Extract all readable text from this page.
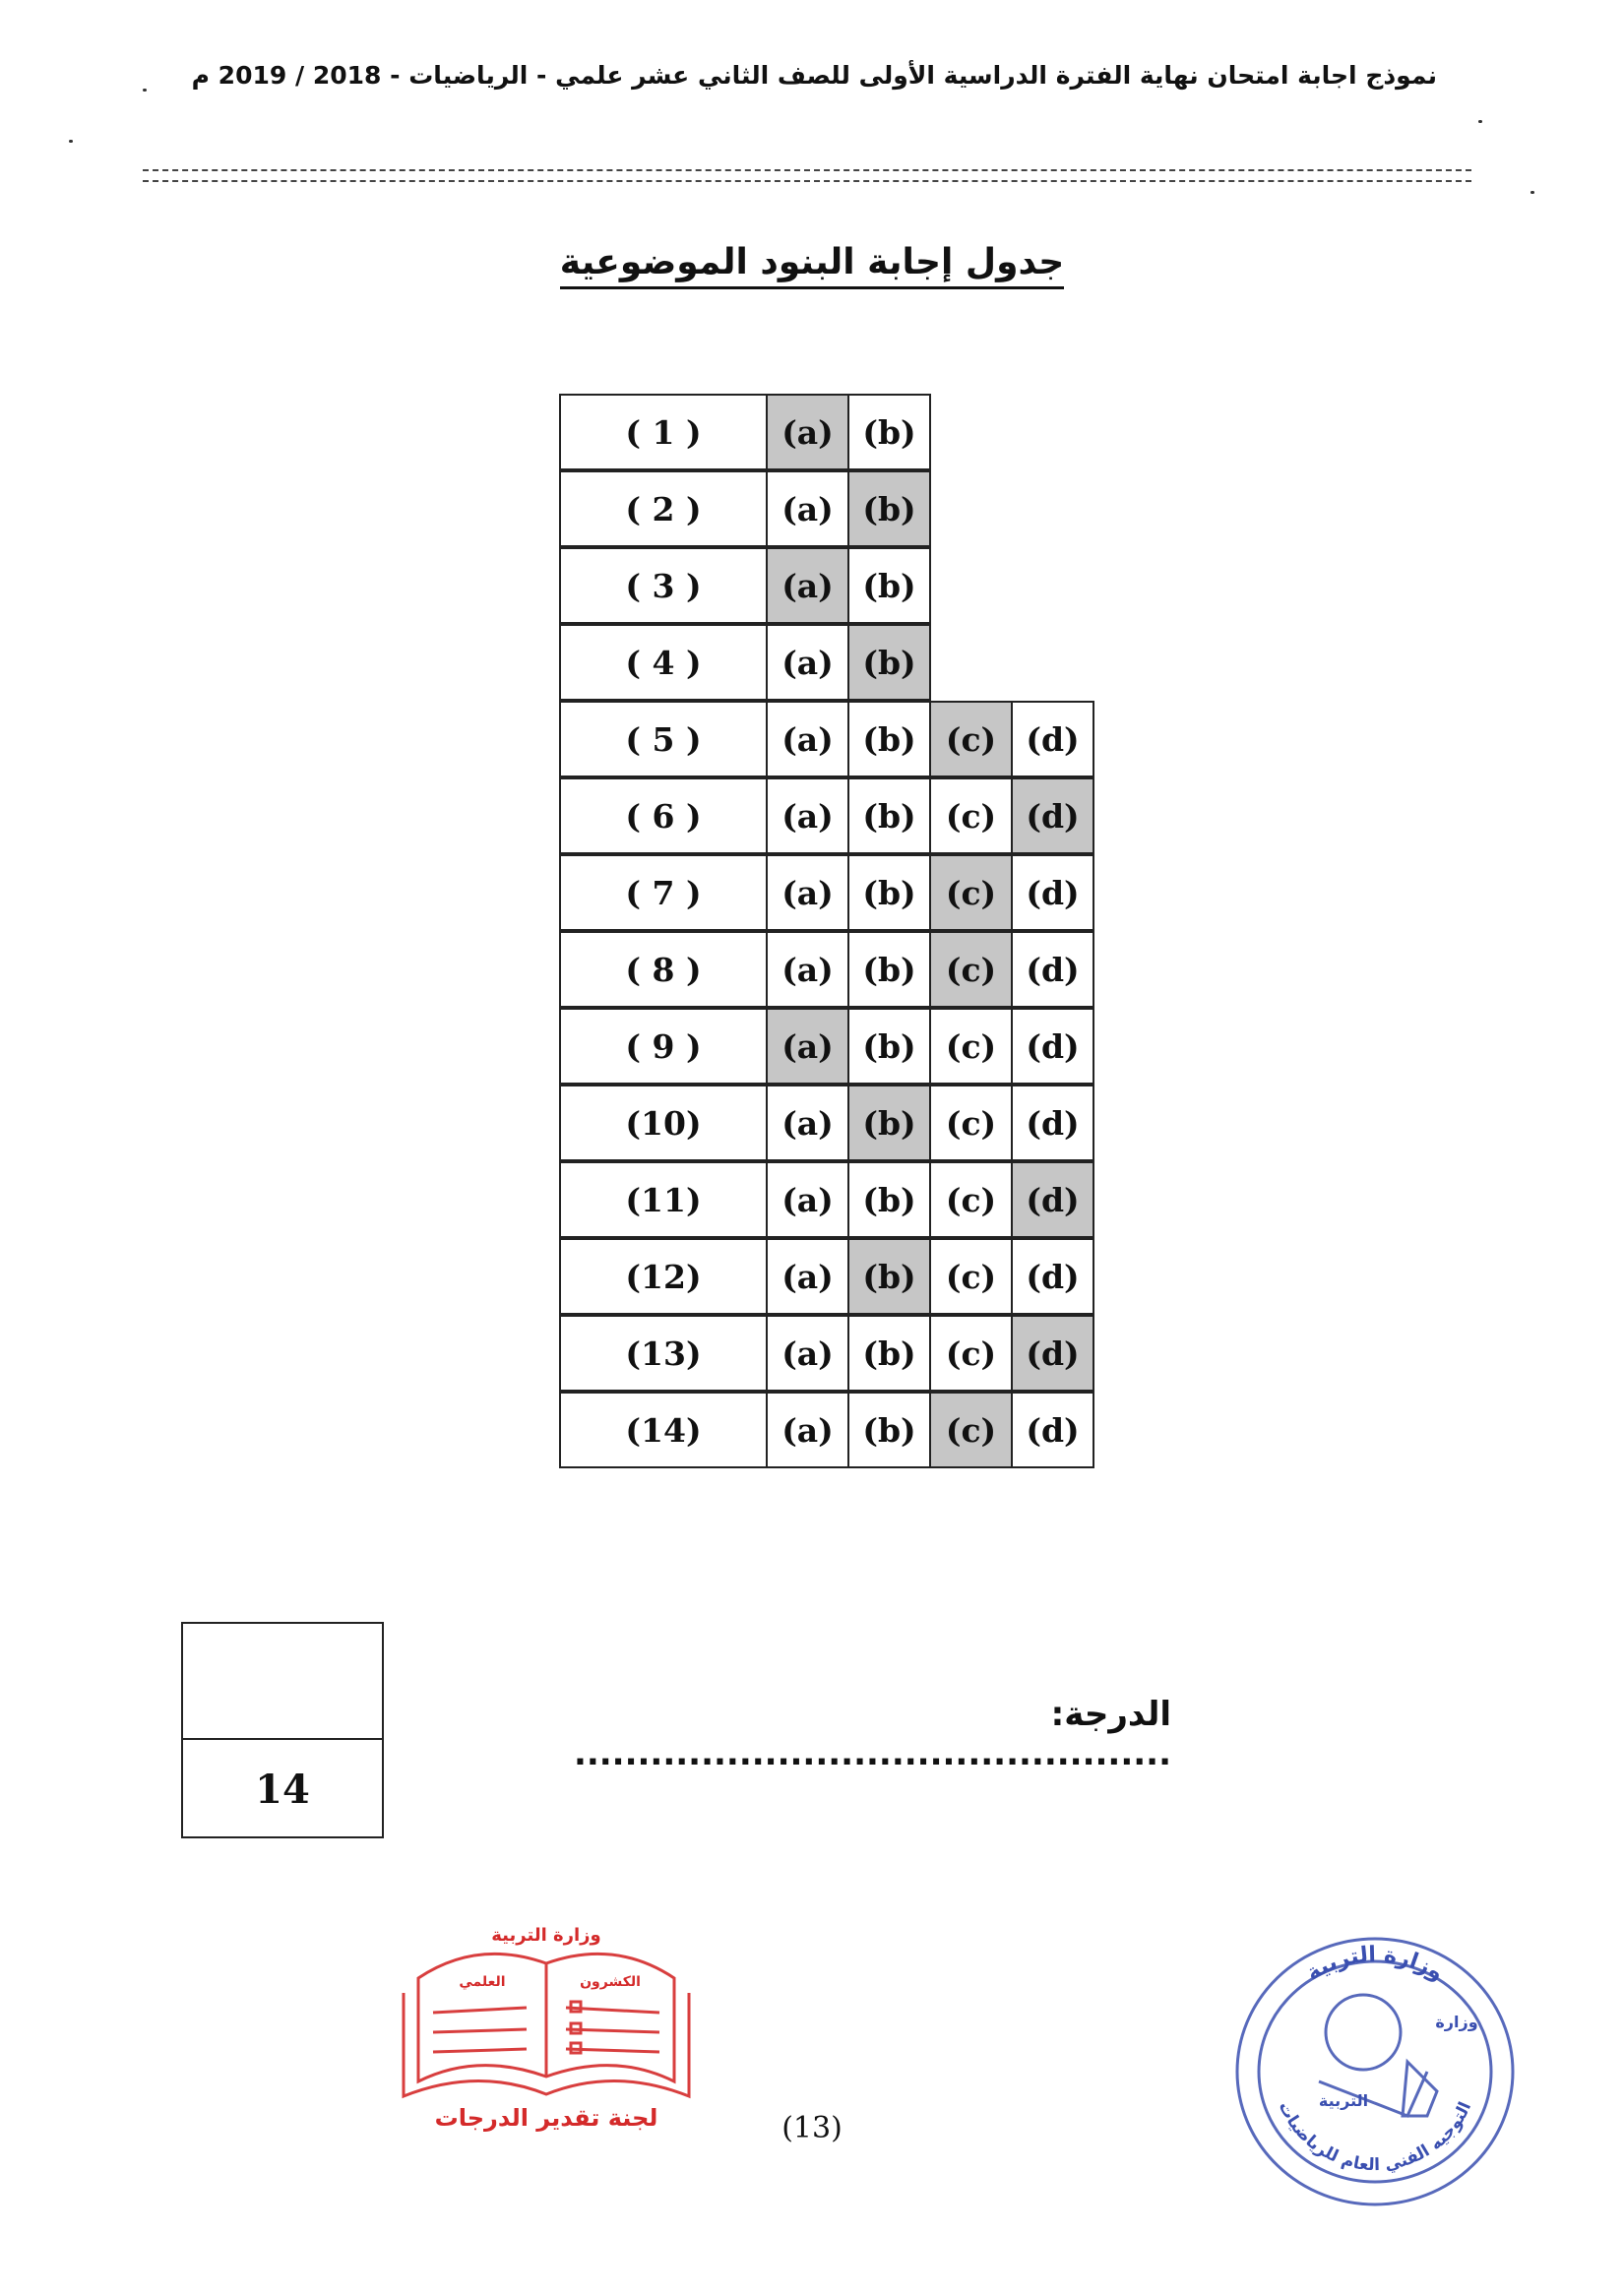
نموذج اجابة امتحان نهاية الفترة الدراسية الأولى للصف الثاني عشر علمي - الرياضيات - 2018 / 2019 م
جدول إجابة البنود الموضوعية
( 1 )	(a) (b)
( 2 )	(a) (b)
( 3 )	(a) (b)
( 4 )	(a) (b)
( 5 )	(a) (b) (c) (d)
( 6 )	(a) (b) (c) (d)
( 7 )	(a) (b) (c) (d)
( 8 )	(a) (b) (c) (d)
( 9 )	(a) (b) (c) (d)
(10)	(a) (b) (c) (d)
(11)	(a) (b) (c) (d)
(12)	(a) (b) (c) (d)
(13)	(a) (b) (c) (d)
(14)	(a) (b) (c) (d)
14
الدرجة: ...............................................
وزارة التربية
الكشرون
العلمي
لجنة تقدير الدرجات
وزارة التربية
التوجيه الفني العام للرياضيات
وزارة
التربية
(13)
